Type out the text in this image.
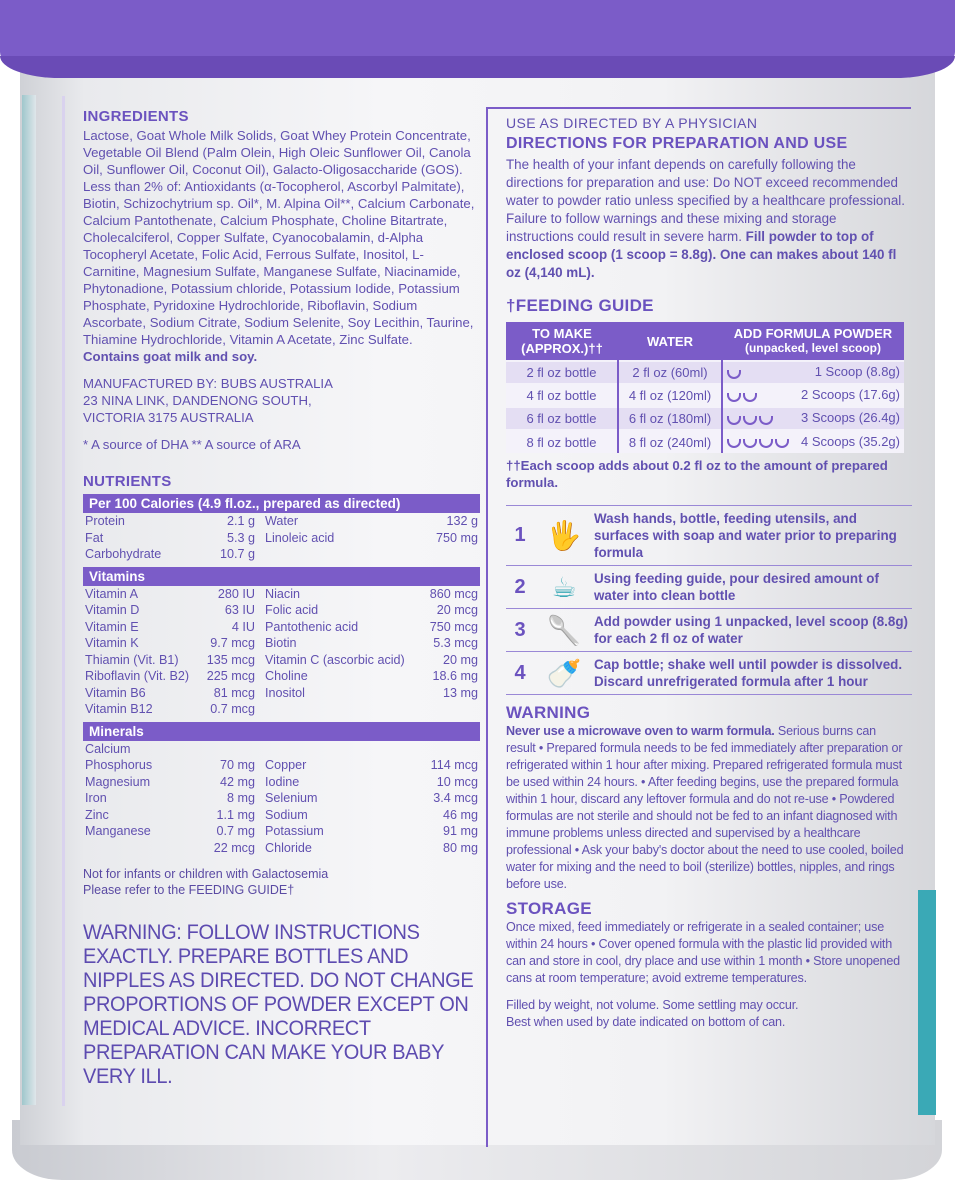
INGREDIENTS

Lactose, Goat Whole Milk Solids, Goat Whey Protein Concentrate, Vegetable Oil Blend (Palm Olein, High Oleic Sunflower Oil, Canola Oil, Sunflower Oil, Coconut Oil), Galacto-Oligosaccharide (GOS). Less than 2% of: Antioxidants (α-Tocopherol, Ascorbyl Palmitate), Biotin, Schizochytrium sp. Oil*, M. Alpina Oil**, Calcium Carbonate, Calcium Pantothenate, Calcium Phosphate, Choline Bitartrate, Cholecalciferol, Copper Sulfate, Cyanocobalamin, d-Alpha Tocopheryl Acetate, Folic Acid, Ferrous Sulfate, Inositol, L-Carnitine, Magnesium Sulfate, Manganese Sulfate, Niacinamide, Phytonadione, Potassium chloride, Potassium Iodide, Potassium Phosphate, Pyridoxine Hydrochloride, Riboflavin, Sodium Ascorbate, Sodium Citrate, Sodium Selenite, Soy Lecithin, Taurine, Thiamine Hydrochloride, Vitamin A Acetate, Zinc Sulfate.

Contains goat milk and soy.

MANUFACTURED BY: BUBS AUSTRALIA
23 NINA LINK, DANDENONG SOUTH,
VICTORIA 3175 AUSTRALIA

* A source of DHA ** A source of ARA

NUTRIENTS
Per 100 Calories (4.9 fl.oz., prepared as directed)
Protein	2.1 g	Water	132 g
Fat	5.3 g	Linoleic acid	750 mg
Carbohydrate	10.7 g		
Vitamins
Vitamin A	280 IU	Niacin	860 mcg
Vitamin D	63 IU	Folic acid	20 mcg
Vitamin E	4 IU	Pantothenic acid	750 mcg
Vitamin K	9.7 mcg	Biotin	5.3 mcg
Thiamin (Vit. B1)	135 mcg	Vitamin C (ascorbic acid)	20 mg
Riboflavin (Vit. B2)	225 mcg	Choline	18.6 mg
Vitamin B6	81 mcg	Inositol	13 mg
Vitamin B12	0.7 mcg		
Minerals
Calcium			
Phosphorus	70 mg	Copper	114 mcg
Magnesium	42 mg	Iodine	10 mcg
Iron	8 mg	Selenium	3.4 mcg
Zinc	1.1 mg	Sodium	46 mg
Manganese	0.7 mg	Potassium	91 mg
	22 mcg	Chloride	80 mg
Not for infants or children with Galactosemia
Please refer to the FEEDING GUIDE†
WARNING: FOLLOW INSTRUCTIONS EXACTLY. PREPARE BOTTLES AND NIPPLES AS DIRECTED. DO NOT CHANGE PROPORTIONS OF POWDER EXCEPT ON MEDICAL ADVICE. INCORRECT PREPARATION CAN MAKE YOUR BABY VERY ILL.
USE AS DIRECTED BY A PHYSICIAN
DIRECTIONS FOR PREPARATION AND USE

The health of your infant depends on carefully following the directions for preparation and use: Do NOT exceed recommended water to powder ratio unless specified by a healthcare professional. Failure to follow warnings and these mixing and storage instructions could result in severe harm. Fill powder to top of enclosed scoop (1 scoop = 8.8g). One can makes about 140 fl oz (4,140 mL).

†FEEDING GUIDE
TO MAKE (APPROX.)††	WATER	ADD FORMULA POWDER
(unpacked, level scoop)

2 fl oz bottle	2 fl oz (60ml)	1 Scoop (8.8g)

4 fl oz bottle	4 fl oz (120ml)	2 Scoops (17.6g)

6 fl oz bottle	6 fl oz (180ml)	3 Scoops (26.4g)

8 fl oz bottle	8 fl oz (240ml)	4 Scoops (35.2g)

††Each scoop adds about 0.2 fl oz to the amount of prepared formula.

1 🖐
Wash hands, bottle, feeding utensils, and surfaces with soap and water prior to preparing formula
2 ☕	Using feeding guide, pour desired amount of water into clean bottle
3 🥄 Add powder using 1 unpacked, level scoop (8.8g) for each 2 fl oz of water
4 🍼 Cap bottle; shake well until powder is dissolved. Discard unrefrigerated formula after 1 hour
WARNING

Never use a microwave oven to warm formula. Serious burns can result • Prepared formula needs to be fed immediately after preparation or refrigerated within 1 hour after mixing. Prepared refrigerated formula must be used within 24 hours. • After feeding begins, use the prepared formula within 1 hour, discard any leftover formula and do not re-use • Powdered formulas are not sterile and should not be fed to an infant diagnosed with immune problems unless directed and supervised by a healthcare professional • Ask your baby's doctor about the need to use cooled, boiled water for mixing and the need to boil (sterilize) bottles, nipples, and rings before use.

STORAGE

Once mixed, feed immediately or refrigerate in a sealed container; use within 24 hours • Cover opened formula with the plastic lid provided with can and store in cool, dry place and use within 1 month • Store unopened cans at room temperature; avoid extreme temperatures.

Filled by weight, not volume. Some settling may occur.
Best when used by date indicated on bottom of can.
